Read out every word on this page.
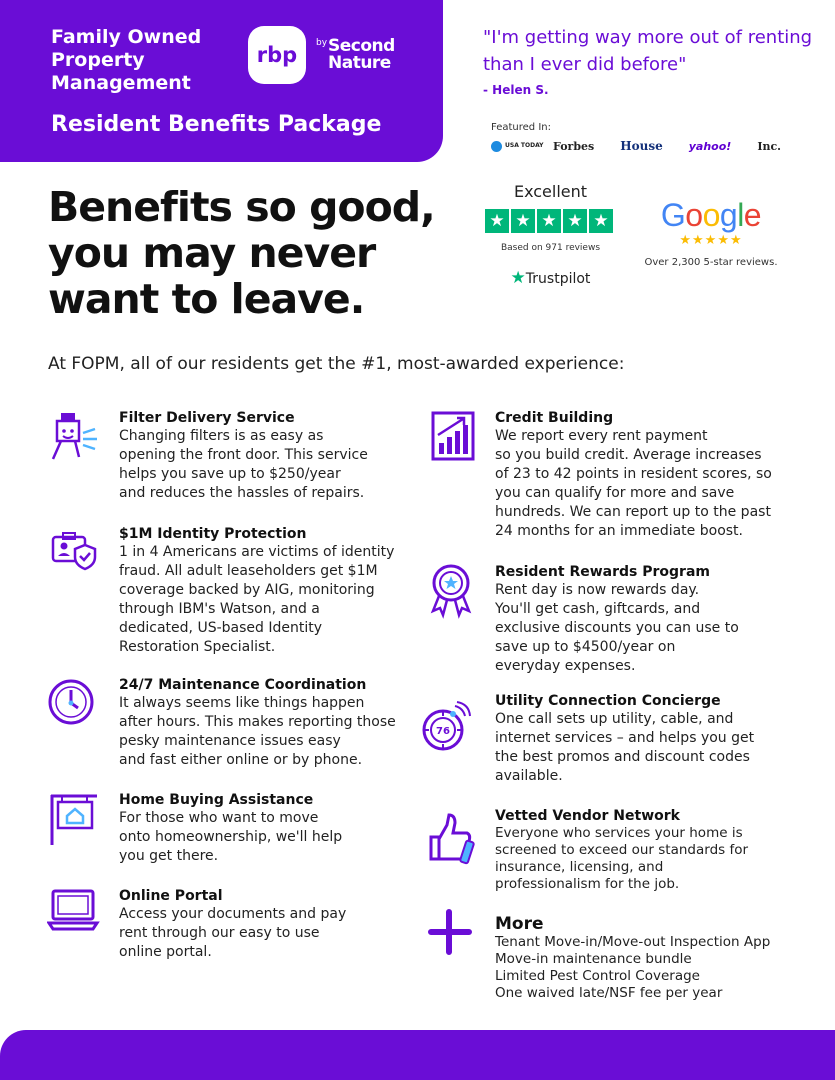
Family Owned Property Management
rbp by Second Nature
Resident Benefits Package
"I'm getting way more out of renting than I ever did before"
- Helen S.
Featured In:
USA TODAY Forbes House yahoo! Inc.
Excellent
★ ★ ★ ★ ★
Based on 971 reviews
★Trustpilot
Google
★★★★★
Over 2,300 5-star reviews.
Benefits so good, you may never want to leave.
At FOPM, all of our residents get the #1, most-awarded experience:
Filter Delivery Service

Changing filters is as easy as
opening the front door. This service
helps you save up to $250/year
and reduces the hassles of repairs.

$1M Identity Protection

1 in 4 Americans are victims of identity
fraud. All adult leaseholders get $1M
coverage backed by AIG, monitoring
through IBM's Watson, and a
dedicated, US-based Identity
Restoration Specialist.

24/7 Maintenance Coordination

It always seems like things happen
after hours. This makes reporting those
pesky maintenance issues easy
and fast either online or by phone.

Home Buying Assistance

For those who want to move
onto homeownership, we'll help
you get there.

Online Portal

Access your documents and pay
rent through our easy to use
online portal.

Credit Building

We report every rent payment
so you build credit. Average increases
of 23 to 42 points in resident scores, so
you can qualify for more and save
hundreds. We can report up to the past
24 months for an immediate boost.

Resident Rewards Program

Rent day is now rewards day.
You'll get cash, giftcards, and
exclusive discounts you can use to
save up to $4500/year on
everyday expenses.

76
Utility Connection Concierge

One call sets up utility, cable, and
internet services – and helps you get
the best promos and discount codes
available.

Vetted Vendor Network

Everyone who services your home is
screened to exceed our standards for
insurance, licensing, and
professionalism for the job.

More

Tenant Move-in/Move-out Inspection App
Move-in maintenance bundle
Limited Pest Control Coverage
One waived late/NSF fee per year
